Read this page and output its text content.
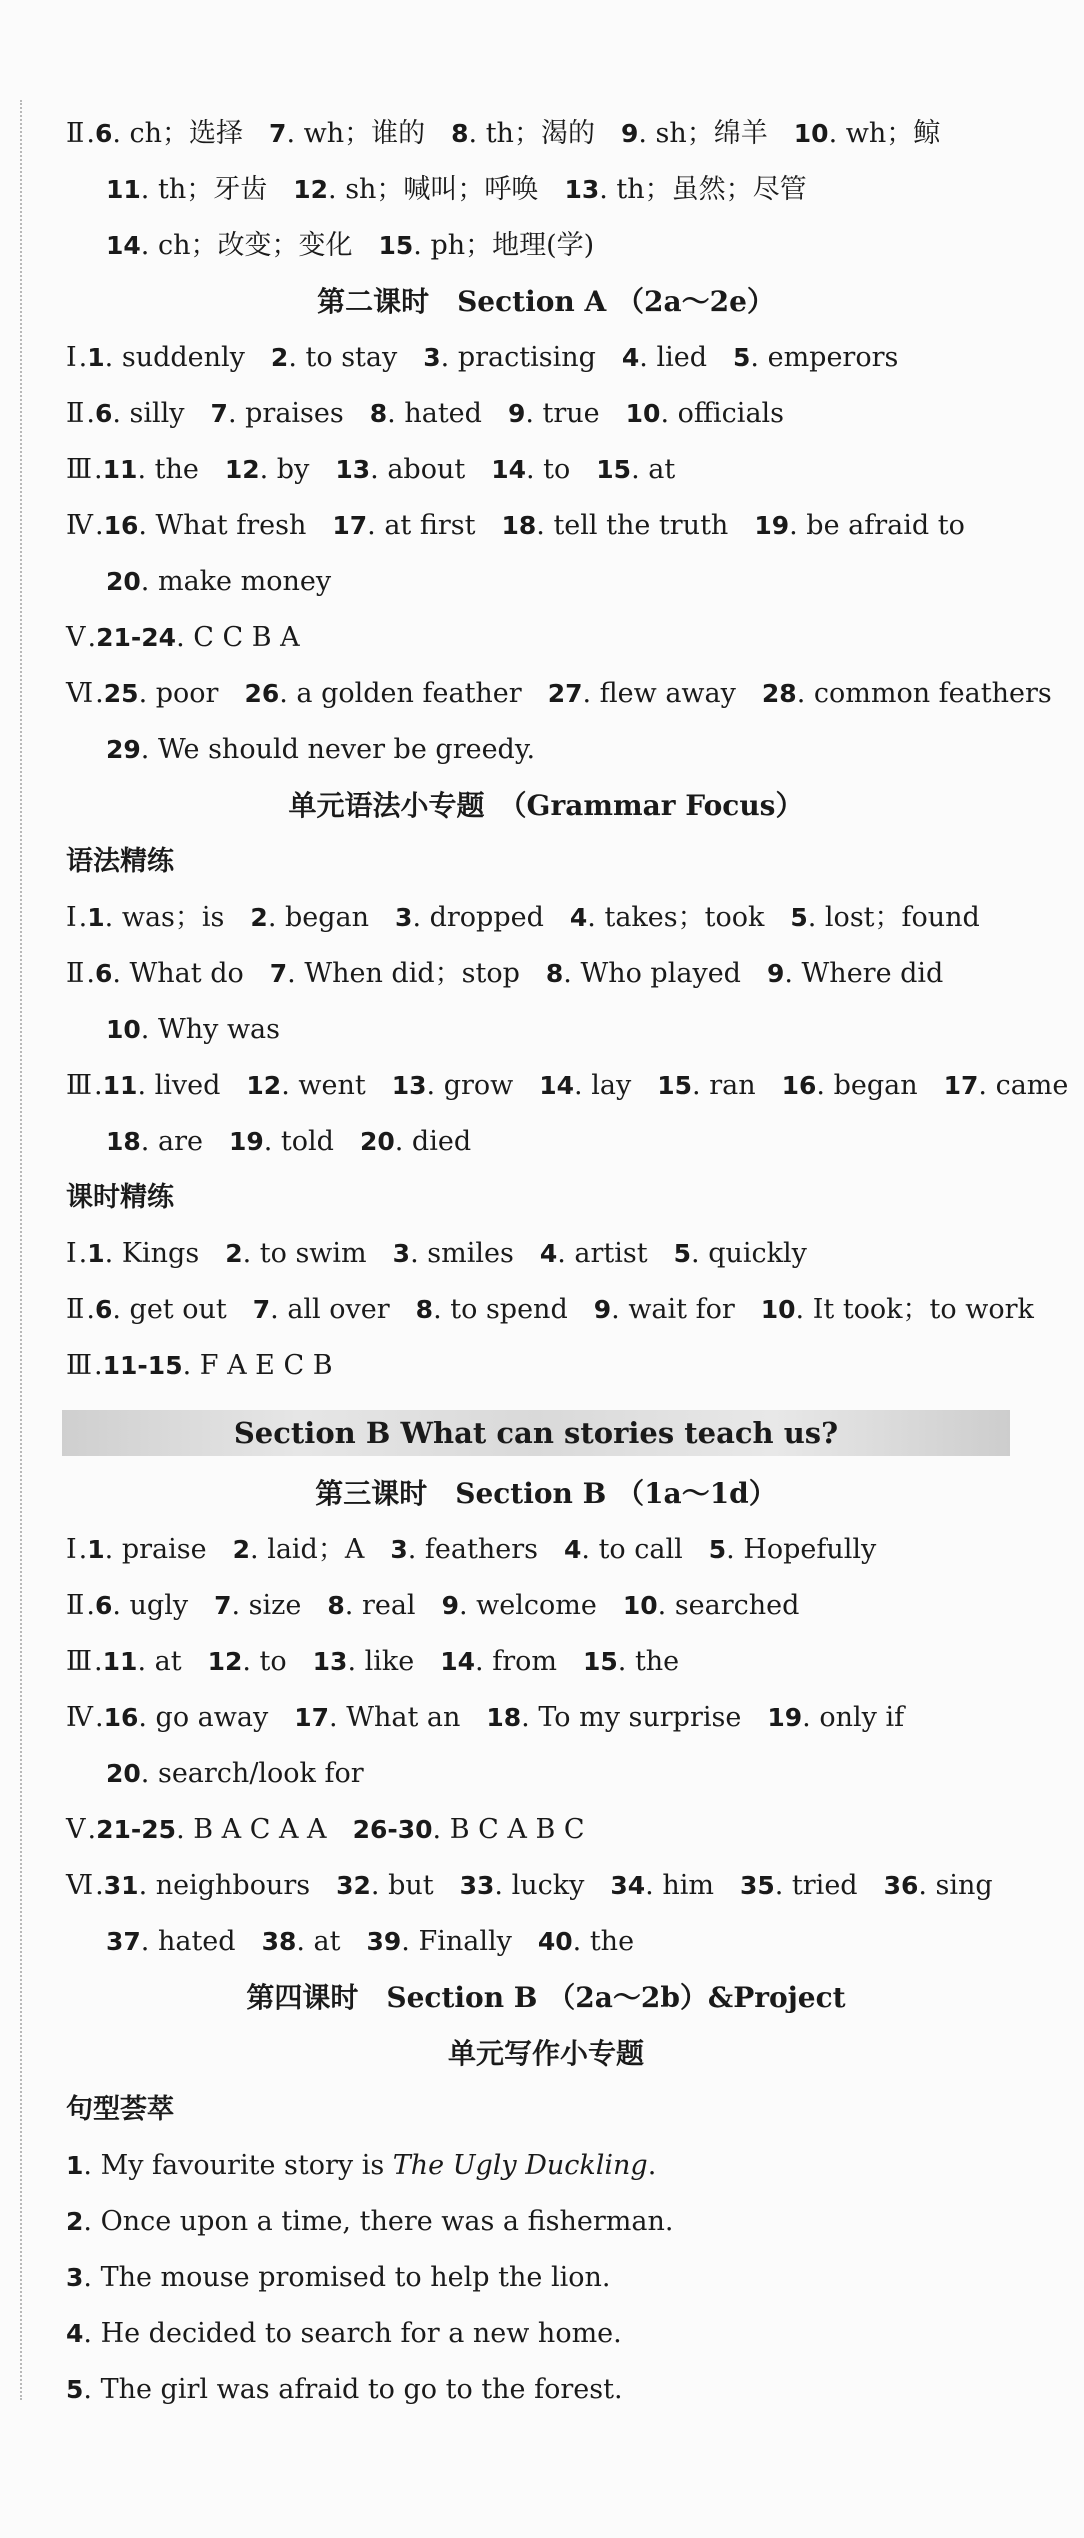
Ⅱ.6. ch；选择 7. wh；谁的 8. th；渴的 9. sh；绵羊 10. wh；鲸
11. th；牙齿 12. sh；喊叫；呼唤 13. th；虽然；尽管
14. ch；改变；变化 15. ph；地理(学)
第二课时　Section A （2a～2e）
Ⅰ.1. suddenly 2. to stay 3. practising 4. lied 5. emperors
Ⅱ.6. silly 7. praises 8. hated 9. true 10. officials
Ⅲ.11. the 12. by 13. about 14. to 15. at
Ⅳ.16. What fresh 17. at first 18. tell the truth 19. be afraid to
20. make money
Ⅴ.21-24. C C B A
Ⅵ.25. poor 26. a golden feather 27. flew away 28. common feathers
29. We should never be greedy.
单元语法小专题　（Grammar Focus）
语法精练
Ⅰ.1. was；is 2. began 3. dropped 4. takes；took 5. lost；found
Ⅱ.6. What do 7. When did；stop 8. Who played 9. Where did
10. Why was
Ⅲ.11. lived 12. went 13. grow 14. lay 15. ran 16. began 17. came
18. are 19. told 20. died
课时精练
Ⅰ.1. Kings 2. to swim 3. smiles 4. artist 5. quickly
Ⅱ.6. get out 7. all over 8. to spend 9. wait for 10. It took；to work
Ⅲ.11-15. F A E C B
Section B What can stories teach us?
第三课时　Section B （1a～1d）
Ⅰ.1. praise 2. laid；A 3. feathers 4. to call 5. Hopefully
Ⅱ.6. ugly 7. size 8. real 9. welcome 10. searched
Ⅲ.11. at 12. to 13. like 14. from 15. the
Ⅳ.16. go away 17. What an 18. To my surprise 19. only if
20. search/look for
Ⅴ.21-25. B A C A A 26-30. B C A B C
Ⅵ.31. neighbours 32. but 33. lucky 34. him 35. tried 36. sing
37. hated 38. at 39. Finally 40. the
第四课时　Section B （2a～2b）&Project
单元写作小专题
句型荟萃
1. My favourite story is The Ugly Duckling.
2. Once upon a time, there was a fisherman.
3. The mouse promised to help the lion.
4. He decided to search for a new home.
5. The girl was afraid to go to the forest.
